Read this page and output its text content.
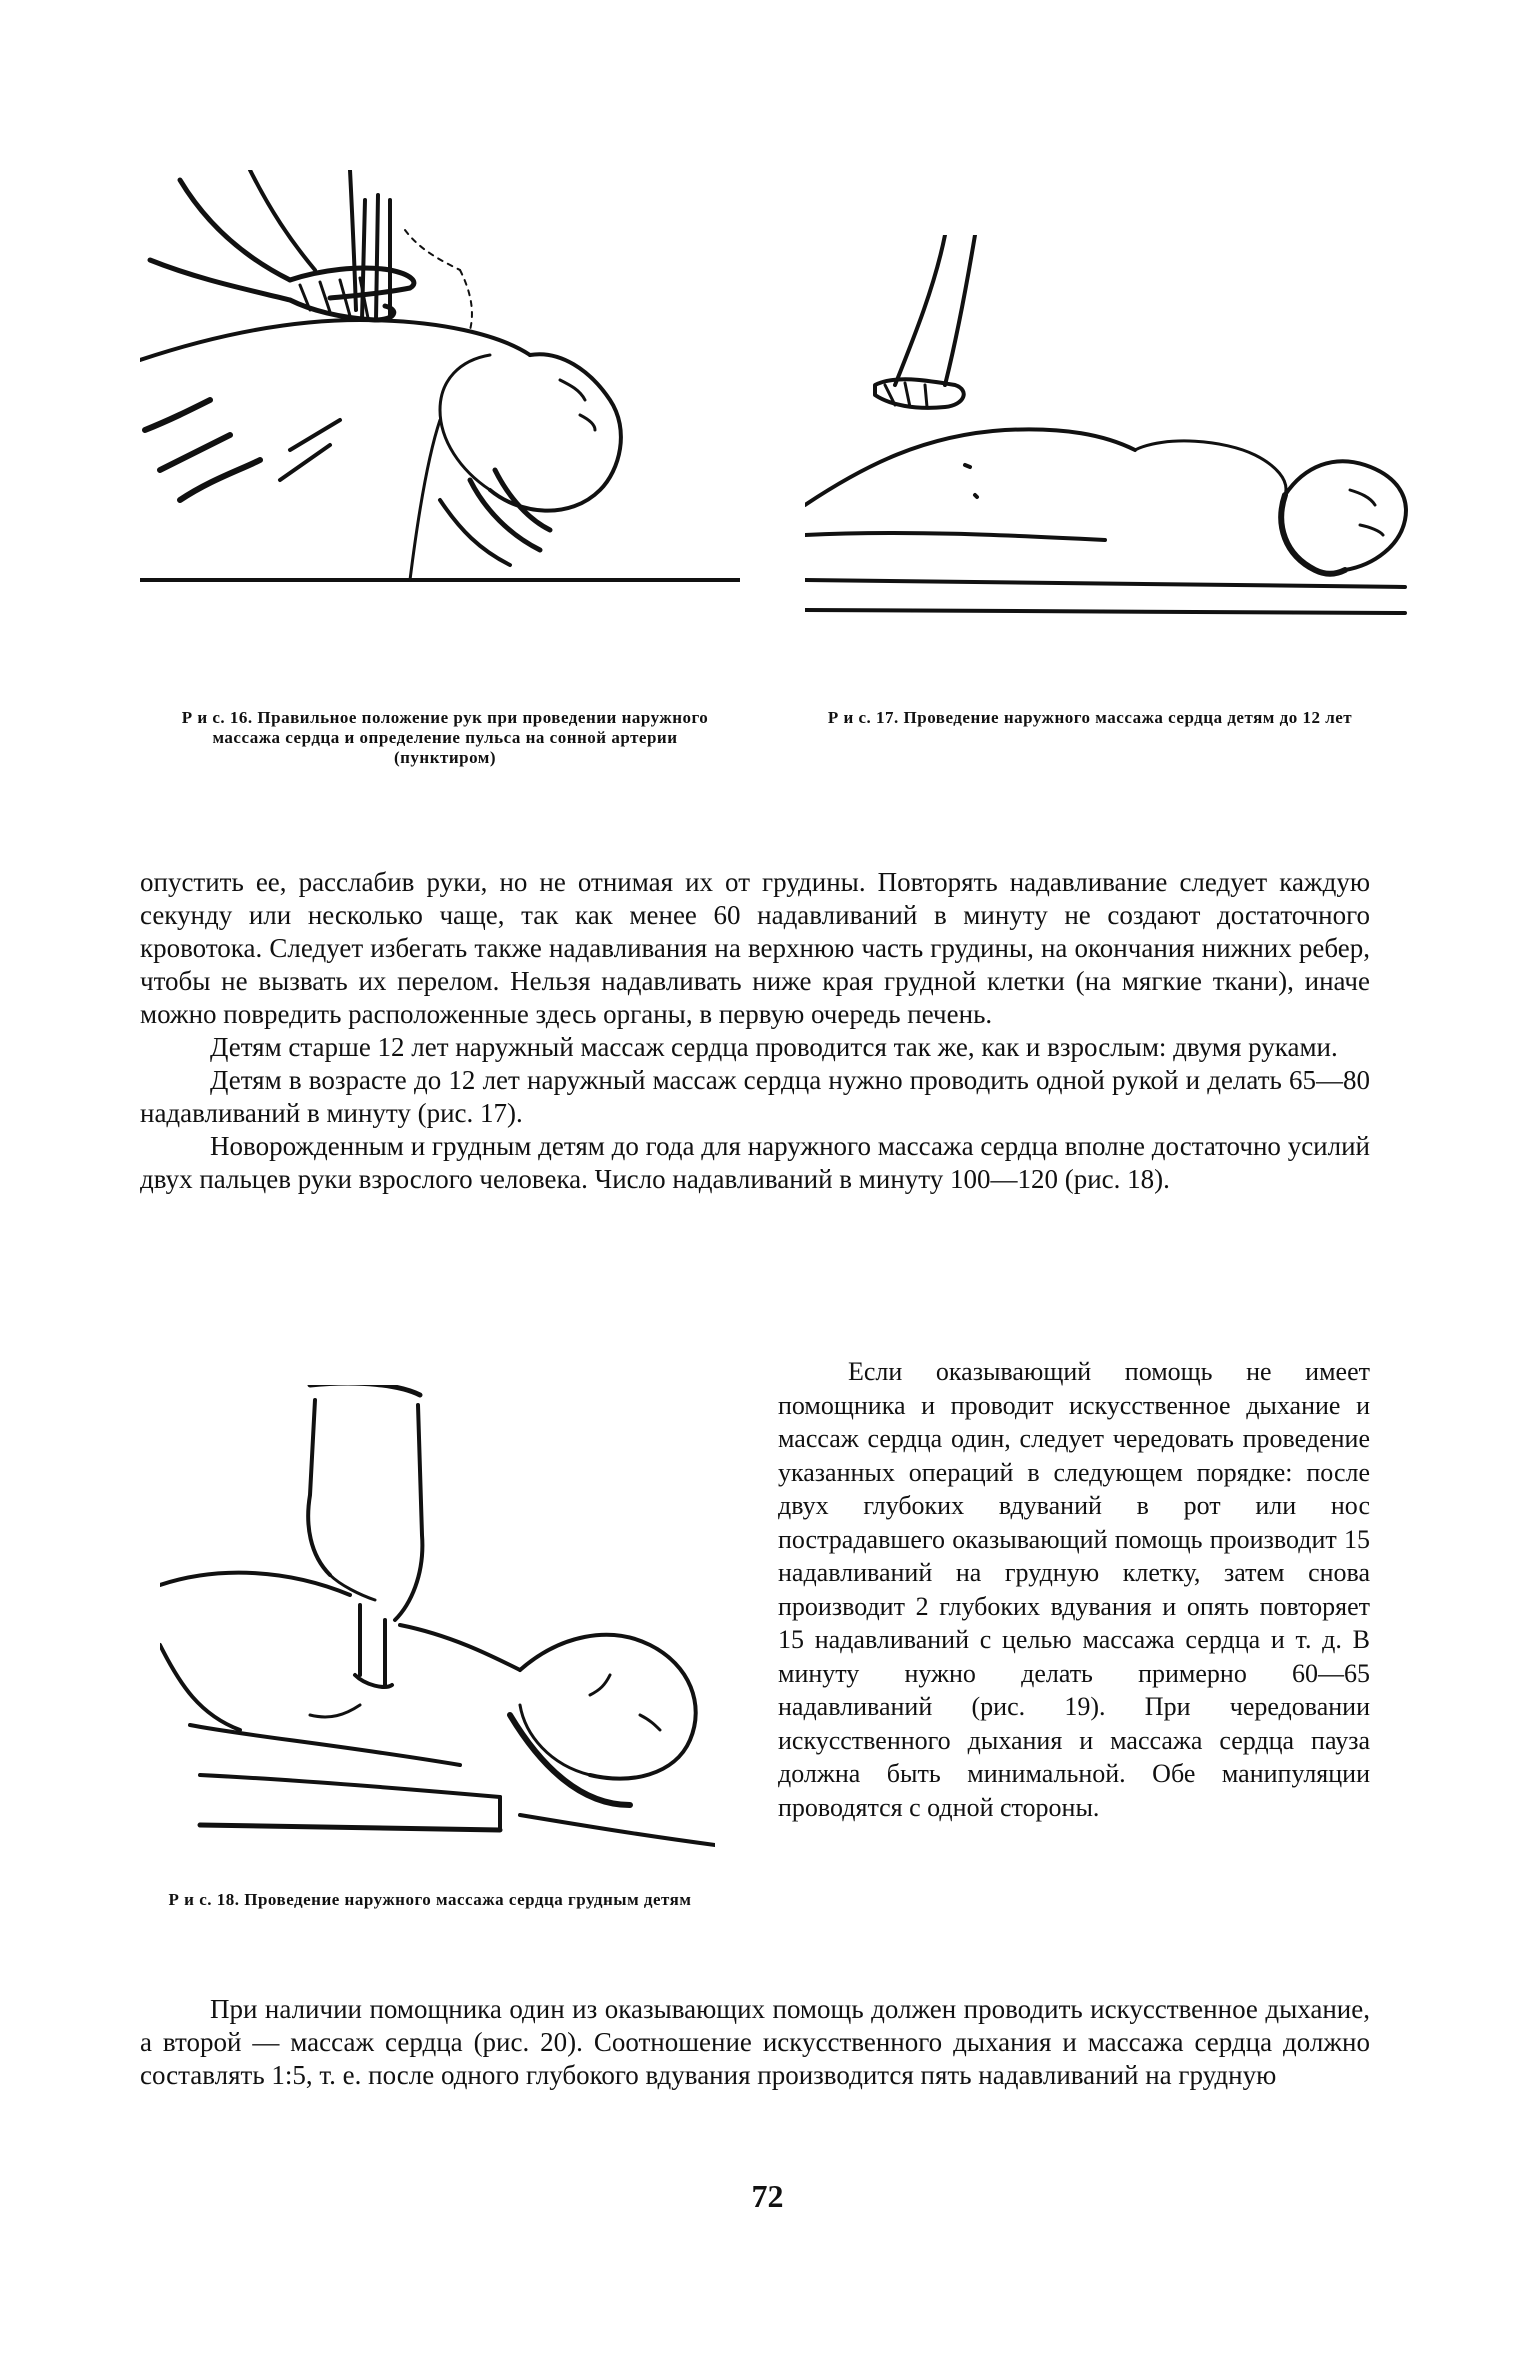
Р и с. 16. Правильное положение рук при проведении наружного массажа сердца и определение пульса на сонной артерии (пунктиром)
Р и с. 17. Проведение наружного массажа сердца детям до 12 лет
Р и с. 18. Проведение наружного массажа сердца грудным детям

опустить ее, расслабив руки, но не отнимая их от грудины. Повторять надавливание следует каждую секунду или несколько чаще, так как менее 60 надавливаний в минуту не создают достаточного кровотока. Следует избегать также надавливания на верхнюю часть грудины, на окончания нижних ребер, чтобы не вызвать их перелом. Нельзя надавливать ниже края грудной клетки (на мягкие ткани), иначе можно повредить расположенные здесь органы, в первую очередь печень.

Детям старше 12 лет наружный массаж сердца проводится так же, как и взрослым: двумя руками.

Детям в возрасте до 12 лет наружный массаж сердца нужно проводить одной рукой и делать 65—80 надавливаний в минуту (рис. 17).

Новорожденным и грудным детям до года для наружного массажа сердца вполне достаточно усилий двух пальцев руки взрослого человека. Число надавливаний в минуту 100—120 (рис. 18).

Если оказывающий помощь не имеет помощника и проводит искусственное дыхание и массаж сердца один, следует чередовать проведение указанных операций в следующем порядке: после двух глубоких вдуваний в рот или нос пострадавшего оказывающий помощь производит 15 надавливаний на грудную клетку, затем снова производит 2 глубоких вдувания и опять повторяет 15 надавливаний с целью массажа сердца и т. д. В минуту нужно делать примерно 60—65 надавливаний (рис. 19). При чередовании искусственного дыхания и массажа сердца пауза должна быть минимальной. Обе манипуляции проводятся с одной стороны.

При наличии помощника один из оказывающих помощь должен проводить искусственное дыхание, а второй — массаж сердца (рис. 20). Соотношение искусственного дыхания и массажа сердца должно составлять 1:5, т. е. после одного глубокого вдувания производится пять надавливаний на грудную

72
